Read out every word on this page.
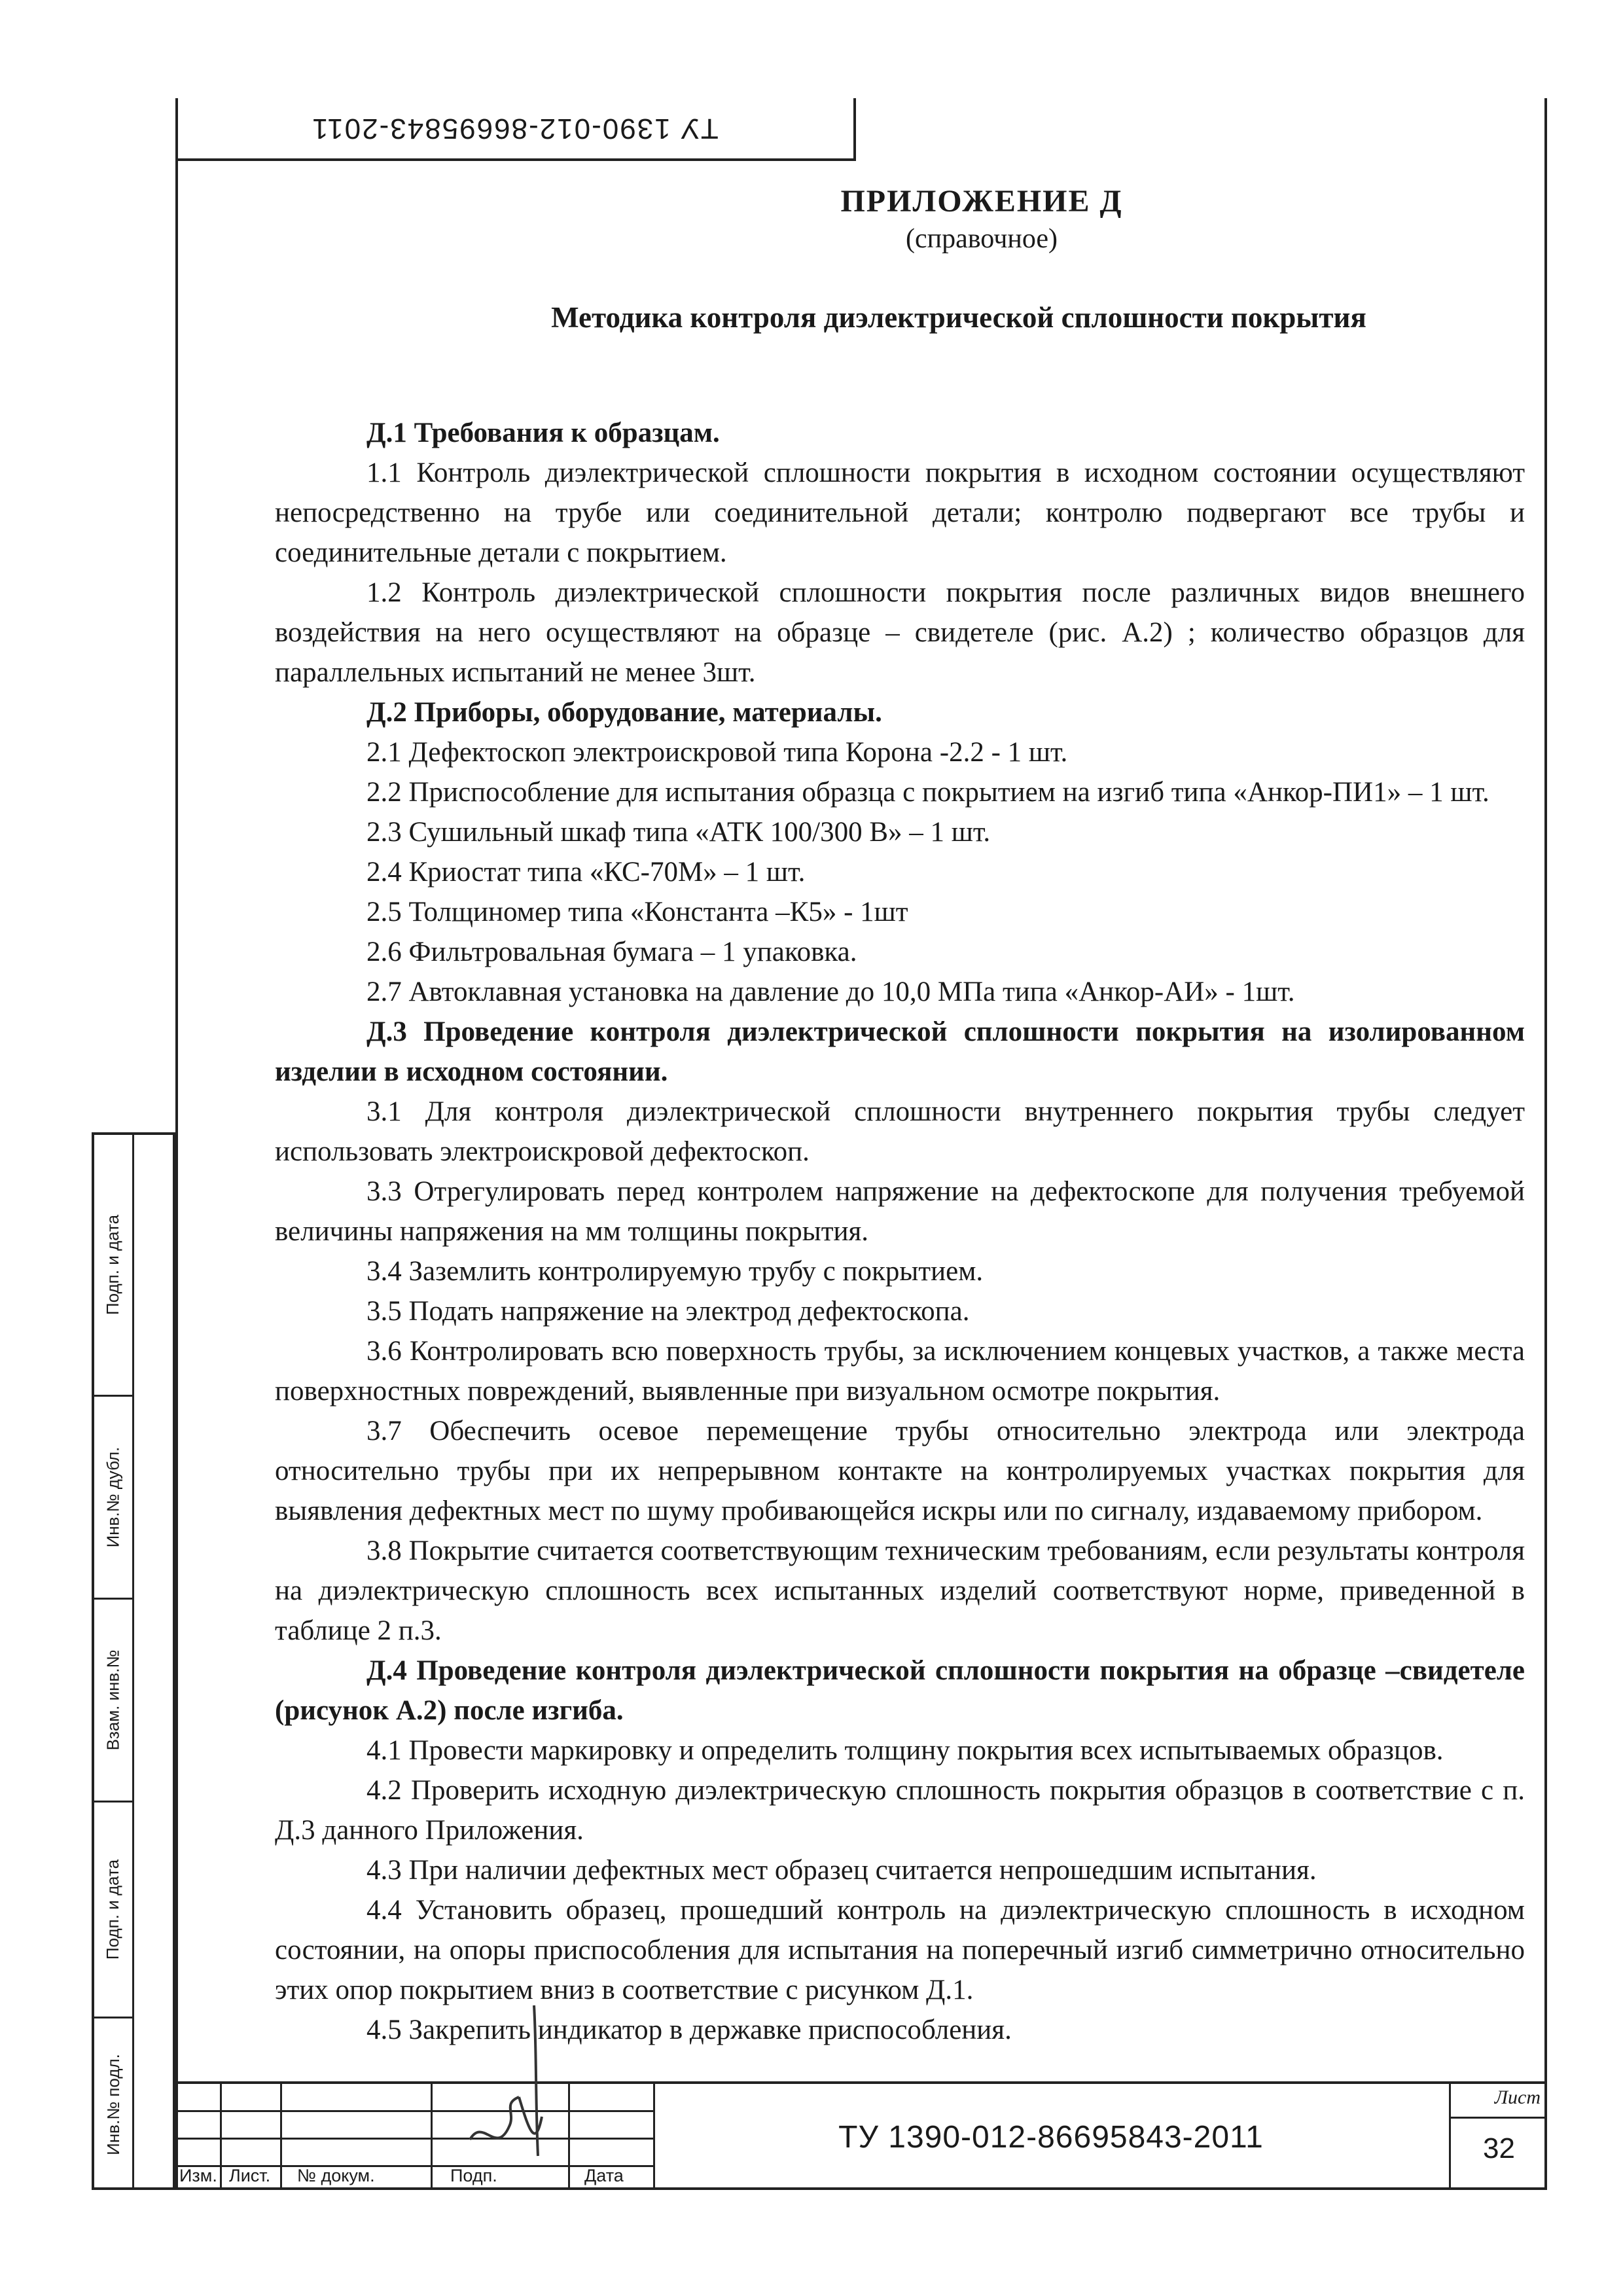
ТУ 1390-012-86695843-2011
ПРИЛОЖЕНИЕ Д
(справочное)
Методика контроля диэлектрической сплошности покрытия

Д.1 Требования к образцам.

1.1 Контроль диэлектрической сплошности покрытия в исходном состоянии осуществляют непосредственно на трубе или соединительной детали; контролю подвергают все трубы и соединительные детали с покрытием.

1.2 Контроль диэлектрической сплошности покрытия после различных видов внешнего воздействия на него осуществляют на образце – свидетеле (рис. А.2) ; количество образцов для параллельных испытаний не менее 3шт.

Д.2 Приборы, оборудование, материалы.

2.1 Дефектоскоп электроискровой типа Корона -2.2 - 1 шт.

2.2 Приспособление для испытания образца с покрытием на изгиб типа «Анкор-ПИ1» – 1 шт.

2.3 Сушильный шкаф типа «АТК 100/300 В» – 1 шт.

2.4 Криостат типа «КС-70М» – 1 шт.

2.5 Толщиномер типа «Константа –К5» - 1шт

2.6 Фильтровальная бумага – 1 упаковка.

2.7 Автоклавная установка на давление до 10,0 МПа типа «Анкор-АИ» - 1шт.

Д.3 Проведение контроля диэлектрической сплошности покрытия на изолированном изделии в исходном состоянии.

3.1 Для контроля диэлектрической сплошности внутреннего покрытия трубы следует использовать электроискровой дефектоскоп.

3.3 Отрегулировать перед контролем напряжение на дефектоскопе для получения требуемой величины напряжения на мм толщины покрытия.

3.4 Заземлить контролируемую трубу с покрытием.

3.5 Подать напряжение на электрод дефектоскопа.

3.6 Контролировать всю поверхность трубы, за исключением концевых участков, а также места поверхностных повреждений, выявленные при визуальном осмотре покрытия.

3.7 Обеспечить осевое перемещение трубы относительно электрода или электрода относительно трубы при их непрерывном контакте на контролируемых участках покрытия для выявления дефектных мест по шуму пробивающейся искры или по сигналу, издаваемому прибором.

3.8 Покрытие считается соответствующим техническим требованиям, если результаты контроля на диэлектрическую сплошность всех испытанных изделий соответствуют норме, приведенной в таблице 2 п.3.

Д.4 Проведение контроля диэлектрической сплошности покрытия на образце –свидетеле (рисунок А.2) после изгиба.

4.1 Провести маркировку и определить толщину покрытия всех испытываемых образцов.

4.2 Проверить исходную диэлектрическую сплошность покрытия образцов в соответствие с п. Д.3 данного Приложения.

4.3 При наличии дефектных мест образец считается непрошедшим испытания.

4.4 Установить образец, прошедший контроль на диэлектрическую сплошность в исходном состоянии, на опоры приспособления для испытания на поперечный изгиб симметрично относительно этих опор покрытием вниз в соответствие с рисунком Д.1.

4.5 Закрепить индикатор в державке приспособления.

Подп. и дата
Инв.№ дубл.
Взам. инв.№
Подп. и дата
Инв.№ подл.
Изм. Лист. № докум.	Подп.	Дата
ТУ 1390-012-86695843-2011
Лист
32
